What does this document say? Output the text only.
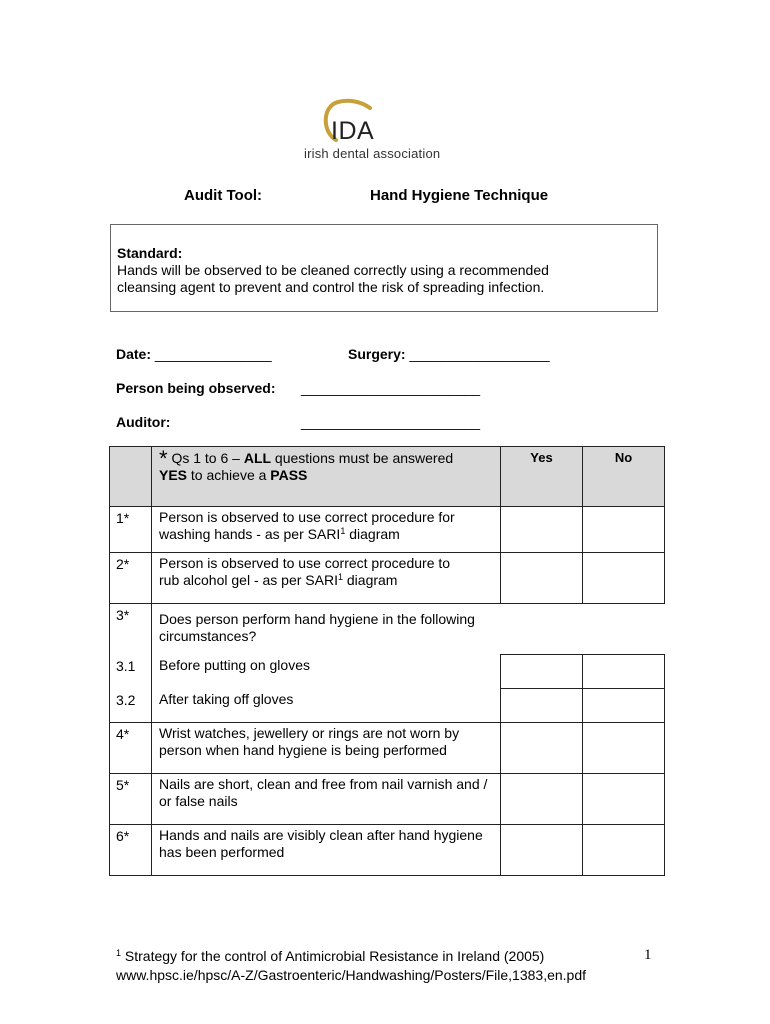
IDA
irish dental association
Audit Tool:	Hand Hygiene Technique
Standard:
Hands will be observed to be cleaned correctly using a recommended
cleansing agent to prevent and control the risk of spreading infection.
Date: _______________	Surgery: __________________
Person being observed: _______________________
Auditor:	_______________________
	* Qs 1 to 6 – ALL questions must be answered
YES to achieve a PASS	Yes	No
1*	Person is observed to use correct procedure for
washing hands - as per SARI$^1$ diagram		
2*	Person is observed to use correct procedure to
rub alcohol gel - as per SARI$^1$ diagram		
3*	Does person perform hand hygiene in the following circumstances?		
3.1	Before putting on gloves		
3.2	After taking off gloves		
4*	Wrist watches, jewellery or rings are not worn by person when hand hygiene is being performed		
5*	Nails are short, clean and free from nail varnish and / or false nails		
6*	Hands and nails are visibly clean after hand hygiene has been performed		
$^1$ Strategy for the control of Antimicrobial Resistance in Ireland (2005)
www.hpsc.ie/hpsc/A-Z/Gastroenteric/Handwashing/Posters/File,1383,en.pdf
1
